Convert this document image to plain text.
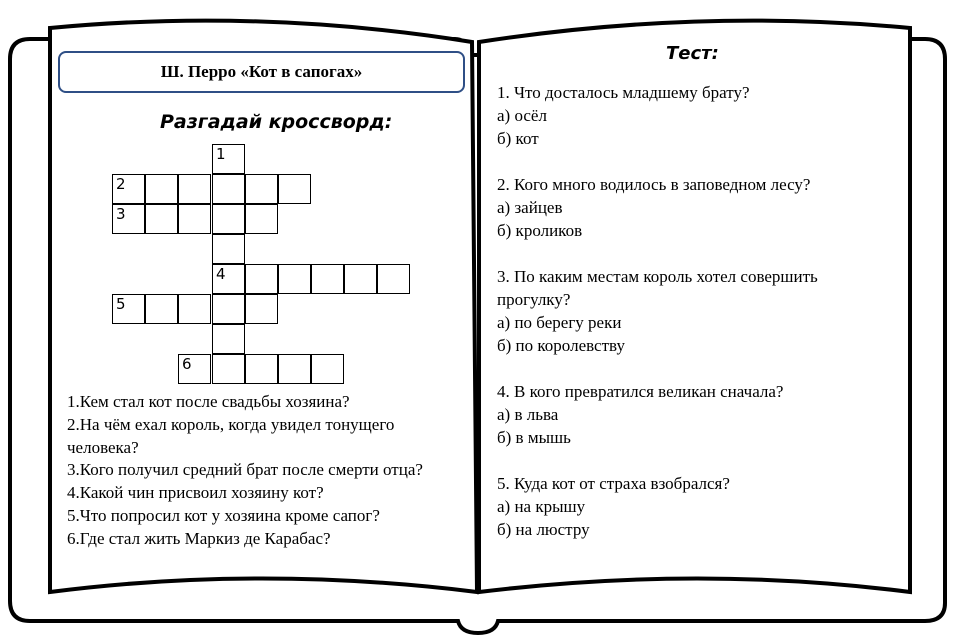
Ш. Перро «Кот в сапогах»
Разгадай кроссворд:
1
2
3
4
5
6

1.Кем стал кот после свадьбы хозяина?

2.На чём ехал король, когда увидел тонущего человека?

3.Кого получил средний брат после смерти отца?

4.Какой чин присвоил хозяину кот?

5.Что попросил кот у хозяина кроме сапог?

6.Где стал жить Маркиз де Карабас?

Тест:

1. Что досталось младшему брату?

а) осёл

б) кот

2. Кого много водилось в заповедном лесу?

а) зайцев

б) кроликов

3. По каким местам король хотел совершить прогулку?

а) по берегу реки

б) по королевству

4. В кого превратился великан сначала?

а) в льва

б) в мышь

5. Куда кот от страха взобрался?

а) на крышу

б) на люстру
